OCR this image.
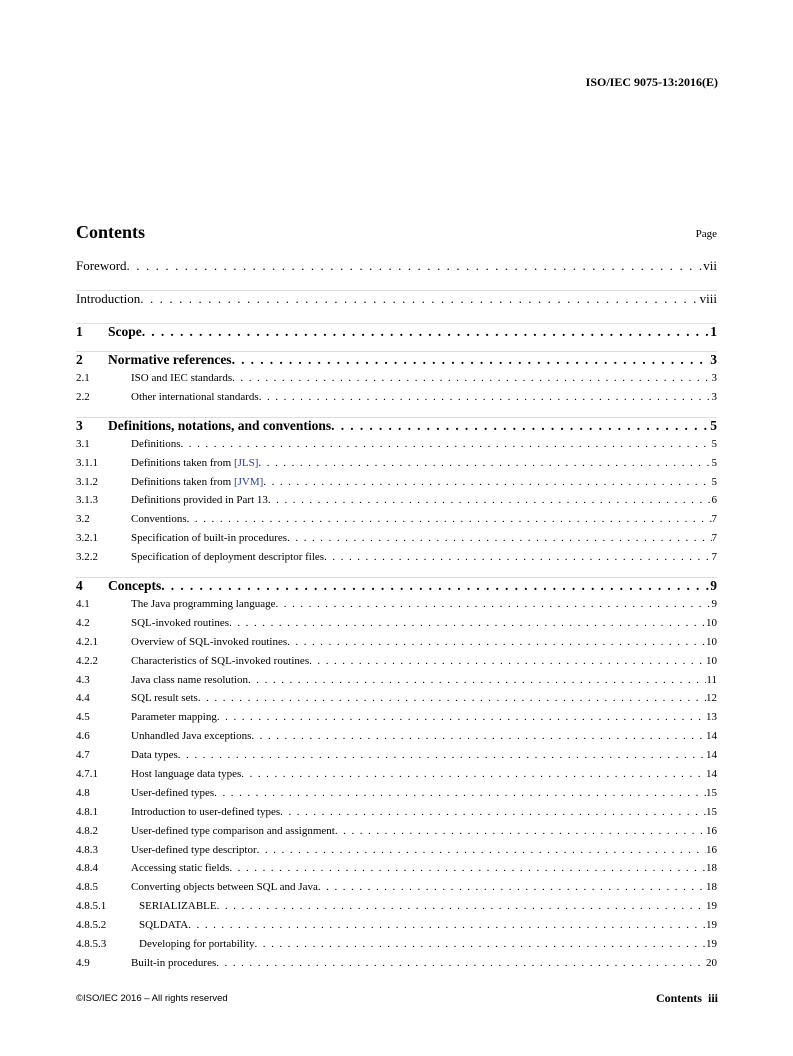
ISO/IEC 9075-13:2016(E)
Contents	Page
Foreword . . .	vii
Introduction . . .	viii
1	Scope . . .	1
2	Normative references . . .	3
2.1	ISO and IEC standards . . .	3
2.2	Other international standards . . .	3
3	Definitions, notations, and conventions . . .	5
3.1	Definitions . . .	5
3.1.1	Definitions taken from [JLS] . . .	5
3.1.2	Definitions taken from [JVM] . . .	5
3.1.3	Definitions provided in Part 13 . . .	6
3.2	Conventions . . .	7
3.2.1	Specification of built-in procedures . . .	7
3.2.2	Specification of deployment descriptor files . . .	7
4	Concepts . . .	9
4.1	The Java programming language . . .	9
4.2	SQL-invoked routines . . .	10
4.2.1	Overview of SQL-invoked routines . . .	10
4.2.2	Characteristics of SQL-invoked routines . . .	10
4.3	Java class name resolution . . .	11
4.4	SQL result sets . . .	12
4.5	Parameter mapping . . .	13
4.6	Unhandled Java exceptions . . .	14
4.7	Data types . . .	14
4.7.1	Host language data types . . .	14
4.8	User-defined types . . .	15
4.8.1	Introduction to user-defined types . . .	15
4.8.2	User-defined type comparison and assignment . . .	16
4.8.3	User-defined type descriptor . . .	16
4.8.4	Accessing static fields . . .	18
4.8.5	Converting objects between SQL and Java . . .	18
4.8.5.1	SERIALIZABLE . . .	19
4.8.5.2	SQLDATA . . .	19
4.8.5.3	Developing for portability . . .	19
4.9	Built-in procedures . . .	20
©ISO/IEC 2016 – All rights reserved	Contents iii
